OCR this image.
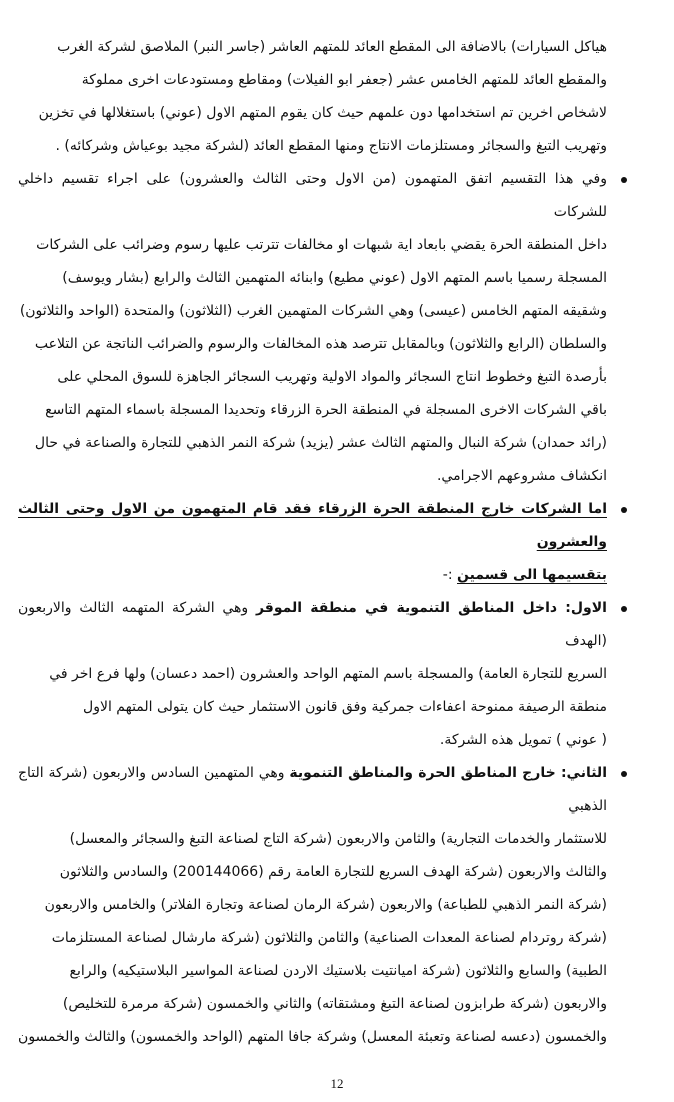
هياكل السيارات) بالاضافة الى المقطع العائد للمتهم العاشر (جاسر النبر) الملاصق لشركة الغرب
والمقطع العائد للمتهم الخامس عشر (جعفر ابو الفيلات) ومقاطع ومستودعات اخرى مملوكة
لاشخاص اخرين تم استخدامها دون علمهم حيث كان يقوم المتهم الاول (عوني) باستغلالها في تخزين
وتهريب التبغ والسجائر ومستلزمات الانتاج ومنها المقطع العائد (لشركة مجيد بوعياش وشركائه) .
وفي هذا التقسيم اتفق المتهمون (من الاول وحتى الثالث والعشرون) على اجراء تقسيم داخلي للشركات
داخل المنطقة الحرة يقضي بابعاد اية شبهات او مخالفات تترتب عليها رسوم وضرائب على الشركات
المسجلة رسميا باسم المتهم الاول (عوني مطيع) وابنائه المتهمين الثالث والرابع (بشار ويوسف)
وشقيقه المتهم الخامس (عيسى) وهي الشركات المتهمين الغرب (الثلاثون) والمتحدة (الواحد والثلاثون)
والسلطان (الرابع والثلاثون) وبالمقابل تترصد هذه المخالفات والرسوم والضرائب الناتجة عن التلاعب
بأرصدة التبغ وخطوط انتاج السجائر والمواد الاولية وتهريب السجائر الجاهزة للسوق المحلي على
باقي الشركات الاخرى المسجلة في المنطقة الحرة الزرقاء وتحديدا المسجلة باسماء المتهم التاسع
(رائد حمدان) شركة النبال والمتهم الثالث عشر (يزيد) شركة النمر الذهبي للتجارة والصناعة في حال
انكشاف مشروعهم الاجرامي.
اما الشركات خارج المنطقة الحرة الزرقاء فقد قام المتهمون من الاول وحتى الثالث والعشرون
بتقسيمها الى قسمين :-
الاول: داخل المناطق التنموية في منطقة الموقر وهي الشركة المتهمه الثالث والاربعون (الهدف
السريع للتجارة العامة) والمسجلة باسم المتهم الواحد والعشرون (احمد دعسان) ولها فرع اخر في
منطقة الرصيفة ممنوحة اعفاءات جمركية وفق قانون الاستثمار حيث كان يتولى المتهم الاول
( عوني ) تمويل هذه الشركة.
الثاني: خارج المناطق الحرة والمناطق التنموية وهي المتهمين السادس والاربعون (شركة التاج الذهبي
للاستثمار والخدمات التجارية) والثامن والاربعون (شركة التاج لصناعة التبغ والسجائر والمعسل)
والثالث والاربعون (شركة الهدف السريع للتجارة العامة رقم (200144066) والسادس والثلاثون
(شركة النمر الذهبي للطباعة) والاربعون (شركة الرمان لصناعة وتجارة الفلاتر) والخامس والاربعون
(شركة روتردام لصناعة المعدات الصناعية) والثامن والثلاثون (شركة مارشال لصناعة المستلزمات
الطبية) والسابع والثلاثون (شركة اميانتيت بلاستيك الاردن لصناعة المواسير البلاستيكيه) والرابع
والاربعون (شركة طرابزون لصناعة التبغ ومشتقاته) والثاني والخمسون (شركة مرمرة للتخليص)
والخمسون (دعسه لصناعة وتعبئة المعسل) وشركة جافا المتهم (الواحد والخمسون) والثالث والخمسون
12
